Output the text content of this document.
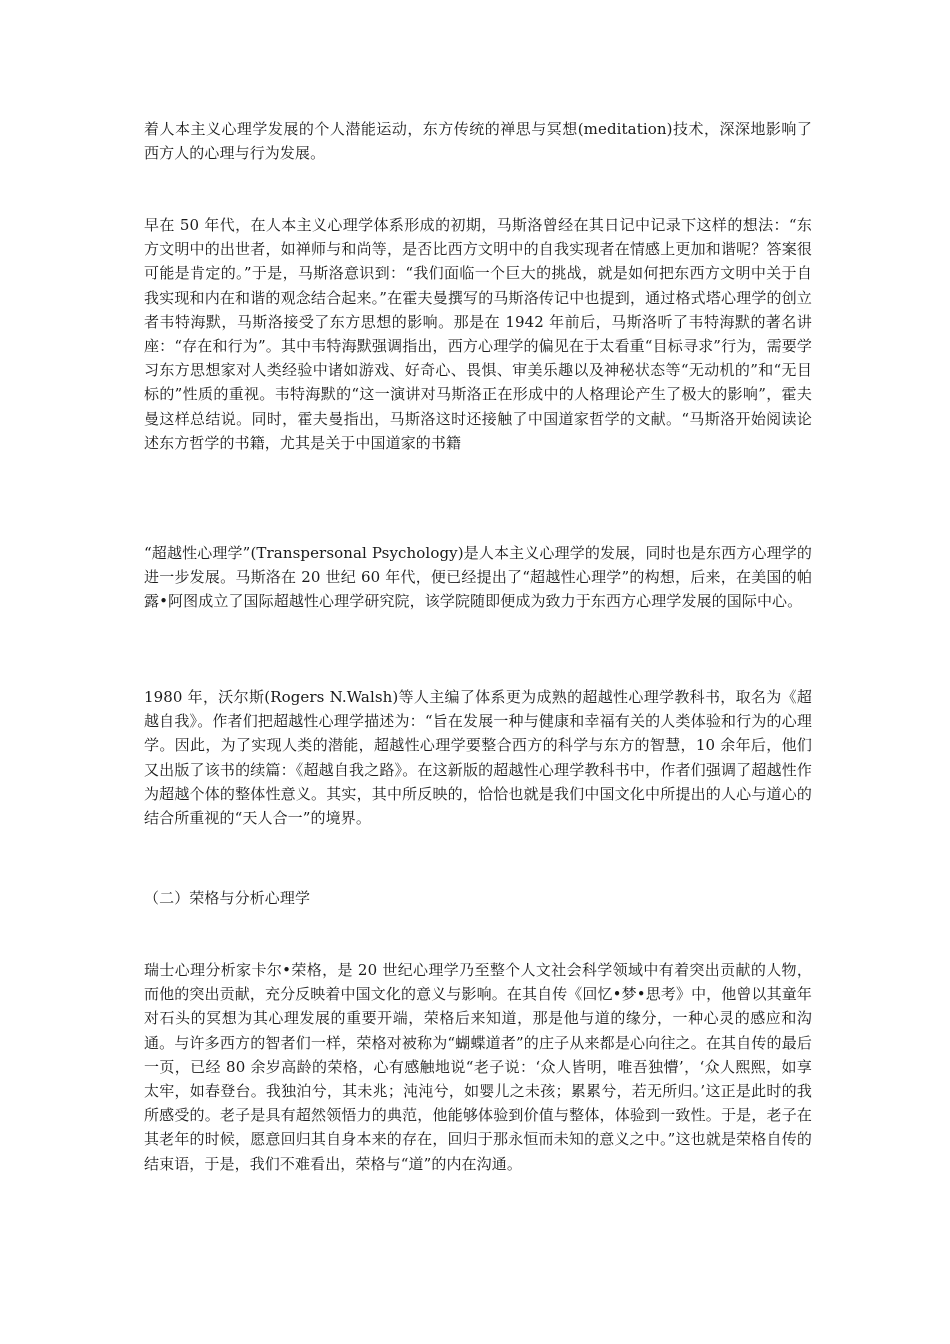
着人本主义心理学发展的个人潜能运动，东方传统的禅思与冥想(meditation)技术，深深地影响了西方人的心理与行为发展。

早在 50 年代，在人本主义心理学体系形成的初期，马斯洛曾经在其日记中记录下这样的想法：“东方文明中的出世者，如禅师与和尚等，是否比西方文明中的自我实现者在情感上更加和谐呢？答案很可能是肯定的。”于是，马斯洛意识到：“我们面临一个巨大的挑战，就是如何把东西方文明中关于自我实现和内在和谐的观念结合起来。”在霍夫曼撰写的马斯洛传记中也提到，通过格式塔心理学的创立者韦特海默，马斯洛接受了东方思想的影响。那是在 1942 年前后，马斯洛听了韦特海默的著名讲座：“存在和行为”。其中韦特海默强调指出，西方心理学的偏见在于太看重“目标寻求”行为，需要学习东方思想家对人类经验中诸如游戏、好奇心、畏惧、审美乐趣以及神秘状态等“无动机的”和“无目标的”性质的重视。韦特海默的“这一演讲对马斯洛正在形成中的人格理论产生了极大的影响”，霍夫曼这样总结说。同时，霍夫曼指出，马斯洛这时还接触了中国道家哲学的文献。“马斯洛开始阅读论述东方哲学的书籍，尤其是关于中国道家的书籍

“超越性心理学”(Transpersonal Psychology)是人本主义心理学的发展，同时也是东西方心理学的进一步发展。马斯洛在 20 世纪 60 年代，便已经提出了“超越性心理学”的构想，后来，在美国的帕露•阿图成立了国际超越性心理学研究院，该学院随即便成为致力于东西方心理学发展的国际中心。

1980 年，沃尔斯(Rogers N.Walsh)等人主编了体系更为成熟的超越性心理学教科书，取名为《超越自我》。作者们把超越性心理学描述为：“旨在发展一种与健康和幸福有关的人类体验和行为的心理学。因此，为了实现人类的潜能，超越性心理学要整合西方的科学与东方的智慧，10 余年后，他们又出版了该书的续篇：《超越自我之路》。在这新版的超越性心理学教科书中，作者们强调了超越性作为超越个体的整体性意义。其实，其中所反映的，恰恰也就是我们中国文化中所提出的人心与道心的结合所重视的“天人合一”的境界。

（二）荣格与分析心理学

瑞士心理分析家卡尔•荣格，是 20 世纪心理学乃至整个人文社会科学领域中有着突出贡献的人物，而他的突出贡献，充分反映着中国文化的意义与影响。在其自传《回忆•梦•思考》中，他曾以其童年对石头的冥想为其心理发展的重要开端，荣格后来知道，那是他与道的缘分，一种心灵的感应和沟通。与许多西方的智者们一样，荣格对被称为“蝴蝶道者”的庄子从来都是心向往之。在其自传的最后一页，已经 80 余岁高龄的荣格，心有感触地说“老子说：‘众人皆明，唯吾独懵’，‘众人熙熙，如享太牢，如春登台。我独泊兮，其未兆；沌沌兮，如婴儿之未孩；累累兮，若无所归。’这正是此时的我所感受的。老子是具有超然领悟力的典范，他能够体验到价值与整体，体验到一致性。于是，老子在其老年的时候，愿意回归其自身本来的存在，回归于那永恒而未知的意义之中。”这也就是荣格自传的结束语，于是，我们不难看出，荣格与“道”的内在沟通。
